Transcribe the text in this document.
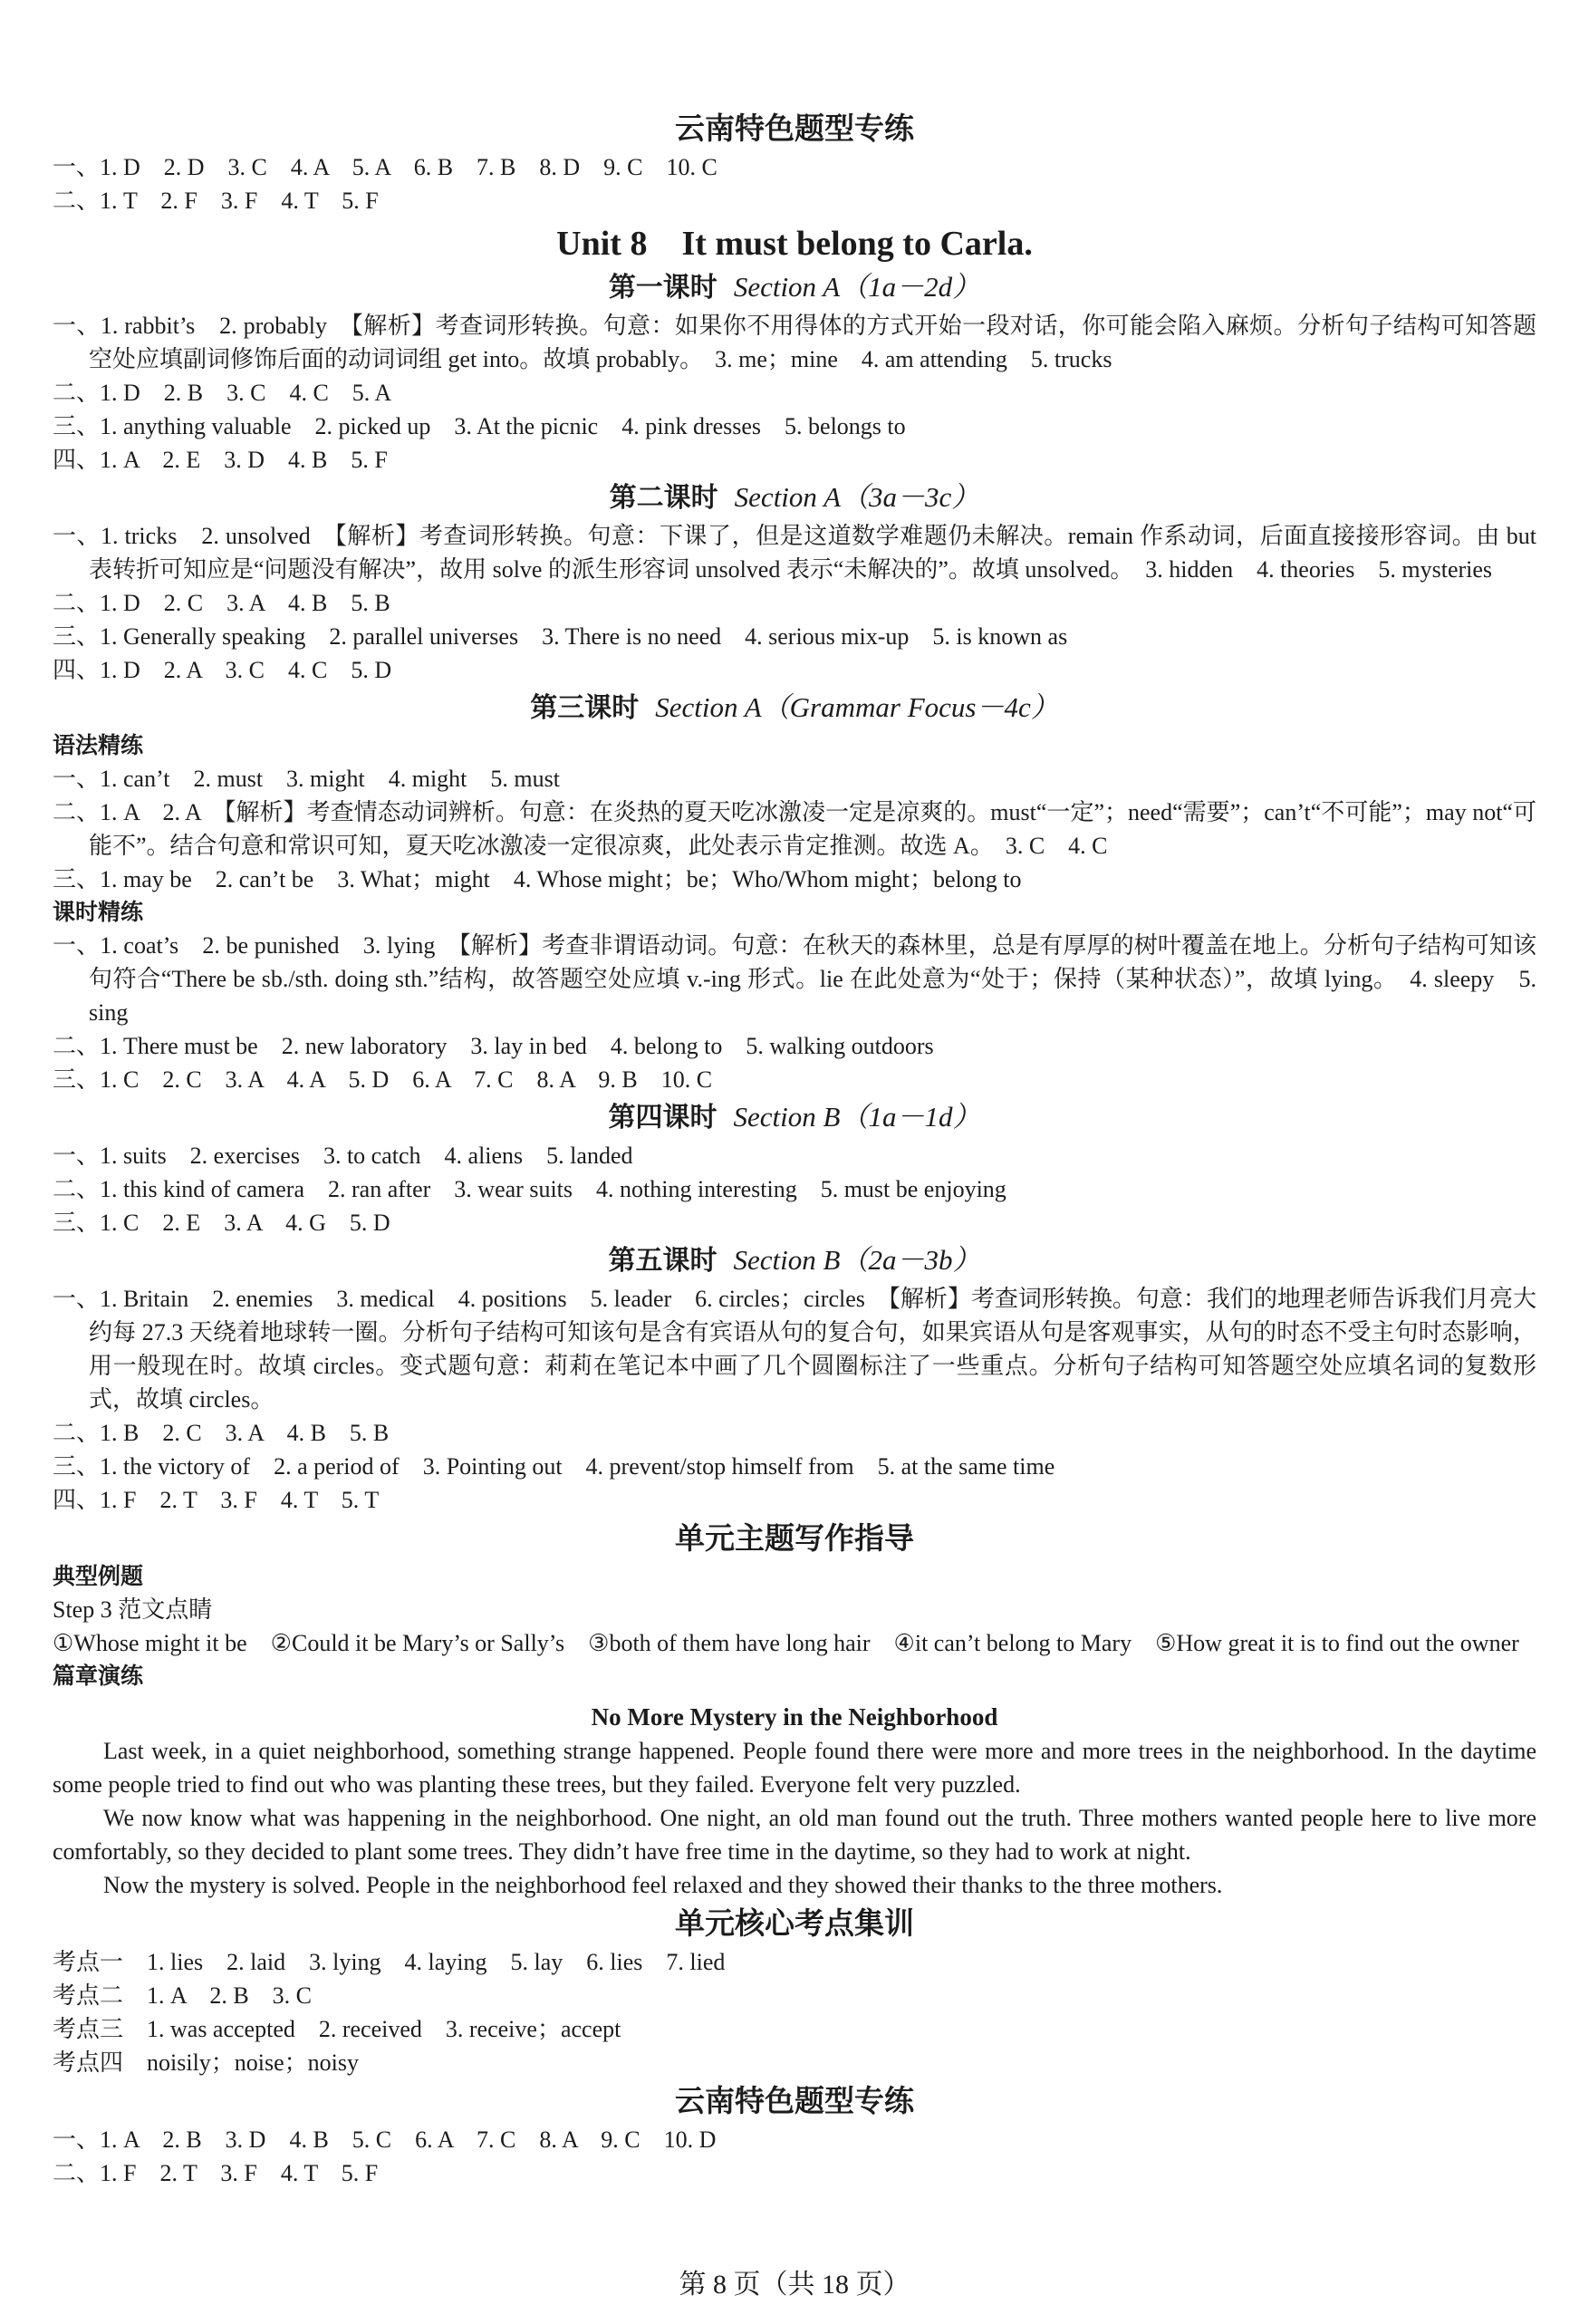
云南特色题型专练
一、1. D　2. D　3. C　4. A　5. A　6. B　7. B　8. D　9. C　10. C
二、1. T　2. F　3. F　4. T　5. F
Unit 8　It must belong to Carla.
第一课时 Section A（1a－2d）
一、1. rabbit’s　2. probably　【解析】考查词形转换。句意：如果你不用得体的方式开始一段对话，你可能会陷入麻烦。分析句子结构可知答题空处应填副词修饰后面的动词词组 get into。故填 probably。　3. me；mine　4. am attending　5. trucks
二、1. D　2. B　3. C　4. C　5. A
三、1. anything valuable　2. picked up　3. At the picnic　4. pink dresses　5. belongs to
四、1. A　2. E　3. D　4. B　5. F
第二课时 Section A（3a－3c）
一、1. tricks　2. unsolved　【解析】考查词形转换。句意：下课了，但是这道数学难题仍未解决。remain 作系动词，后面直接接形容词。由 but 表转折可知应是“问题没有解决”，故用 solve 的派生形容词 unsolved 表示“未解决的”。故填 unsolved。　3. hidden　4. theories　5. mysteries
二、1. D　2. C　3. A　4. B　5. B
三、1. Generally speaking　2. parallel universes　3. There is no need　4. serious mix-up　5. is known as
四、1. D　2. A　3. C　4. C　5. D
第三课时 Section A（Grammar Focus－4c）
语法精练
一、1. can’t　2. must　3. might　4. might　5. must
二、1. A　2. A　【解析】考查情态动词辨析。句意：在炎热的夏天吃冰激凌一定是凉爽的。must“一定”；need“需要”；can’t“不可能”；may not“可能不”。结合句意和常识可知，夏天吃冰激凌一定很凉爽，此处表示肯定推测。故选 A。　3. C　4. C
三、1. may be　2. can’t be　3. What；might　4. Whose might；be；Who/Whom might；belong to
课时精练
一、1. coat’s　2. be punished　3. lying　【解析】考查非谓语动词。句意：在秋天的森林里，总是有厚厚的树叶覆盖在地上。分析句子结构可知该句符合“There be sb./sth. doing sth.”结构，故答题空处应填 v.-ing 形式。lie 在此处意为“处于；保持（某种状态）”，故填 lying。　4. sleepy　5. sing
二、1. There must be　2. new laboratory　3. lay in bed　4. belong to　5. walking outdoors
三、1. C　2. C　3. A　4. A　5. D　6. A　7. C　8. A　9. B　10. C
第四课时 Section B（1a－1d）
一、1. suits　2. exercises　3. to catch　4. aliens　5. landed
二、1. this kind of camera　2. ran after　3. wear suits　4. nothing interesting　5. must be enjoying
三、1. C　2. E　3. A　4. G　5. D
第五课时 Section B（2a－3b）
一、1. Britain　2. enemies　3. medical　4. positions　5. leader　6. circles；circles　【解析】考查词形转换。句意：我们的地理老师告诉我们月亮大约每 27.3 天绕着地球转一圈。分析句子结构可知该句是含有宾语从句的复合句，如果宾语从句是客观事实，从句的时态不受主句时态影响，用一般现在时。故填 circles。变式题句意：莉莉在笔记本中画了几个圆圈标注了一些重点。分析句子结构可知答题空处应填名词的复数形式，故填 circles。
二、1. B　2. C　3. A　4. B　5. B
三、1. the victory of　2. a period of　3. Pointing out　4. prevent/stop himself from　5. at the same time
四、1. F　2. T　3. F　4. T　5. T
单元主题写作指导
典型例题
Step 3 范文点睛
①Whose might it be　②Could it be Mary’s or Sally’s　③both of them have long hair　④it can’t belong to Mary　⑤How great it is to find out the owner
篇章演练
No More Mystery in the Neighborhood
Last week, in a quiet neighborhood, something strange happened. People found there were more and more trees in the neighborhood. In the daytime some people tried to find out who was planting these trees, but they failed. Everyone felt very puzzled.
We now know what was happening in the neighborhood. One night, an old man found out the truth. Three mothers wanted people here to live more comfortably, so they decided to plant some trees. They didn’t have free time in the daytime, so they had to work at night.
Now the mystery is solved. People in the neighborhood feel relaxed and they showed their thanks to the three mothers.
单元核心考点集训
考点一　1. lies　2. laid　3. lying　4. laying　5. lay　6. lies　7. lied
考点二　1. A　2. B　3. C
考点三　1. was accepted　2. received　3. receive；accept
考点四　noisily；noise；noisy
云南特色题型专练
一、1. A　2. B　3. D　4. B　5. C　6. A　7. C　8. A　9. C　10. D
二、1. F　2. T　3. F　4. T　5. F
第 8 页（共 18 页）
